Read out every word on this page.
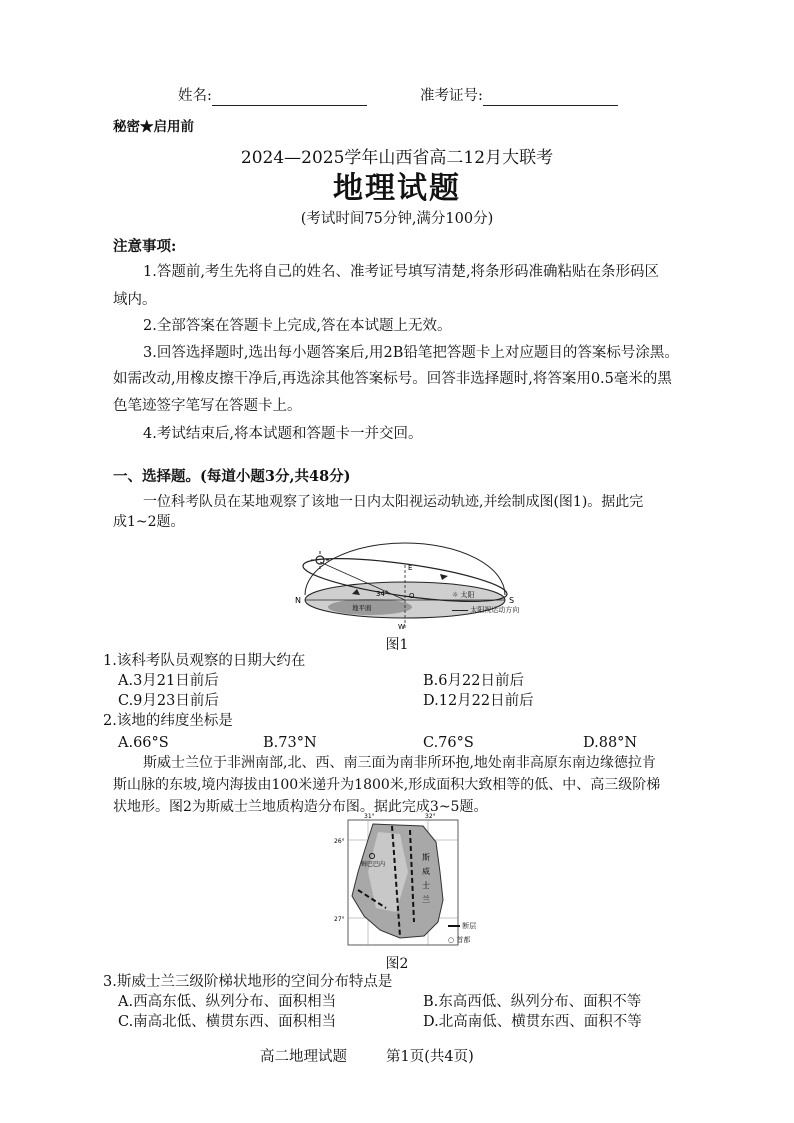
姓名:	准考证号:
秘密★启用前
2024—2025学年山西省高二12月大联考
地理试题
(考试时间75分钟,满分100分)
注意事项:
1.答题前,考生先将自己的姓名、准考证号填写清楚,将条形码准确粘贴在条形码区
域内。
2.全部答案在答题卡上完成,答在本试题上无效。
3.回答选择题时,选出每小题答案后,用2B铅笔把答题卡上对应题目的答案标号涂黑。
如需改动,用橡皮擦干净后,再选涂其他答案标号。回答非选择题时,将答案用0.5毫米的黑
色笔迹签字笔写在答题卡上。
4.考试结束后,将本试题和答题卡一并交回。
一、选择题。(每道小题3分,共48分)
一位科考队员在某地观察了该地一日内太阳视运动轨迹,并绘制成图(图1)。据此完
成1~2题。
N	S
E
W
34°	O
地平面
☼ 太阳
太阳视运动方向
图1
1.该科考队员观察的日期大约在
A.3月21日前后	B.6月22日前后
C.9月23日前后	D.12月22日前后
2.该地的纬度坐标是
A.66°S	B.73°N	C.76°S	D.88°N
斯威士兰位于非洲南部,北、西、南三面为南非所环抱,地处南非高原东南边缘德拉肯
斯山脉的东坡,境内海拔由100米递升为1800米,形成面积大致相等的低、中、高三级阶梯
状地形。图2为斯威士兰地质构造分布图。据此完成3~5题。
姆巴巴内
斯
威
士
兰
31°	32°
26°
27°
断层
○ 首都
图2
3.斯威士兰三级阶梯状地形的空间分布特点是
A.西高东低、纵列分布、面积相当	B.东高西低、纵列分布、面积不等
C.南高北低、横贯东西、面积相当	D.北高南低、横贯东西、面积不等
高二地理试题	第1页(共4页)
